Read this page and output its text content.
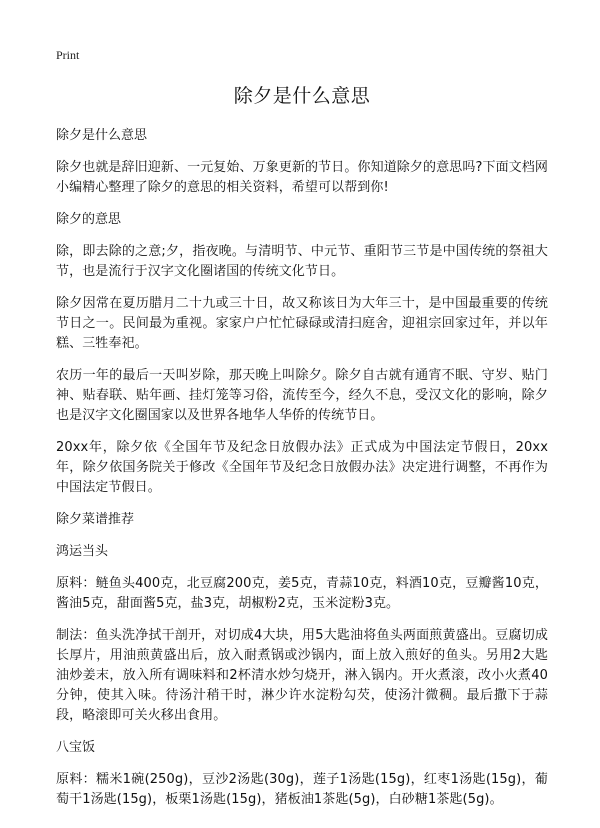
Print
除夕是什么意思
除夕是什么意思

除夕也就是辞旧迎新、一元复始、万象更新的节日。你知道除夕的意思吗?下面文档网小编精心整理了除夕的意思的相关资料，希望可以帮到你!

除夕的意思

除，即去除的之意;夕，指夜晚。与清明节、中元节、重阳节三节是中国传统的祭祖大节，也是流行于汉字文化圈诸国的传统文化节日。

除夕因常在夏历腊月二十九或三十日，故又称该日为大年三十，是中国最重要的传统节日之一。民间最为重视。家家户户忙忙碌碌或清扫庭舍，迎祖宗回家过年，并以年糕、三牲奉祀。

农历一年的最后一天叫岁除，那天晚上叫除夕。除夕自古就有通宵不眠、守岁、贴门神、贴春联、贴年画、挂灯笼等习俗，流传至今，经久不息，受汉文化的影响，除夕也是汉字文化圈国家以及世界各地华人华侨的传统节日。

20xx年，除夕依《全国年节及纪念日放假办法》正式成为中国法定节假日，20xx年，除夕依国务院关于修改《全国年节及纪念日放假办法》决定进行调整，不再作为中国法定节假日。

除夕菜谱推荐
鸿运当头

原料：鲢鱼头400克，北豆腐200克，姜5克，青蒜10克，料酒10克，豆瓣酱10克，酱油5克，甜面酱5克，盐3克，胡椒粉2克，玉米淀粉3克。

制法：鱼头洗净拭干剖开，对切成4大块，用5大匙油将鱼头两面煎黄盛出。豆腐切成长厚片，用油煎黄盛出后，放入耐煮锅或沙锅内，面上放入煎好的鱼头。另用2大匙油炒姜末，放入所有调味料和2杯清水炒匀烧开，淋入锅内。开火煮滚，改小火煮40分钟，使其入味。待汤汁稍干时，淋少许水淀粉勾芡，使汤汁微稠。最后撒下于蒜段，略滚即可关火移出食用。

八宝饭

原料：糯米1碗(250g)，豆沙2汤匙(30g)，莲子1汤匙(15g)，红枣1汤匙(15g)，葡萄干1汤匙(15g)，板栗1汤匙(15g)，猪板油1茶匙(5g)，白砂糖1茶匙(5g)。
